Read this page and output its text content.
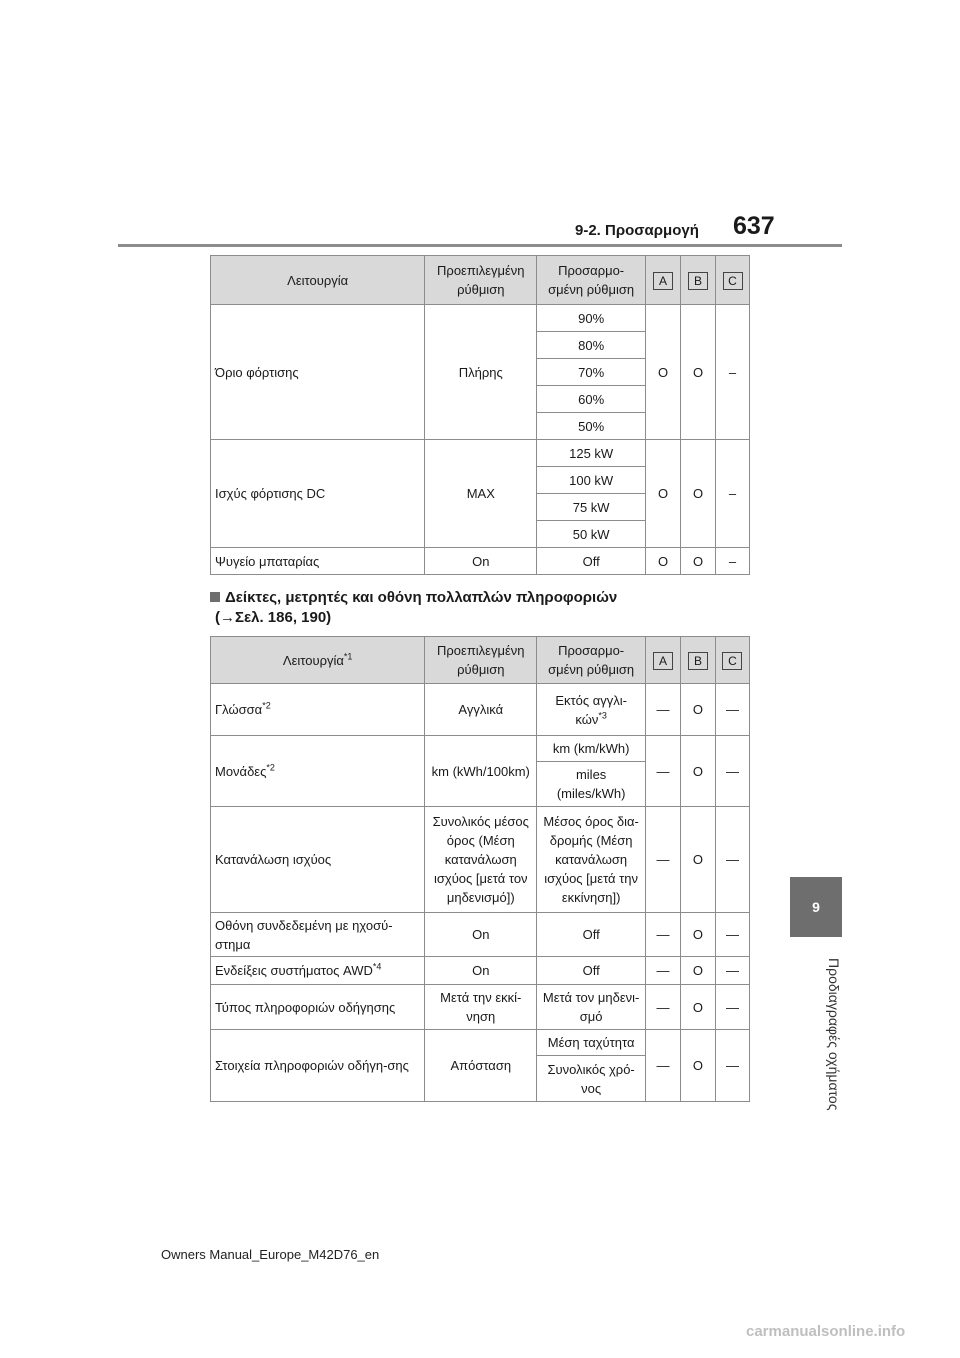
9-2. Προσαρμογή 637
Λειτουργία	Προεπιλεγμένη ρύθμιση	Προσαρμο-σμένη ρύθμιση	A	B	C
Όριο φόρτισης	Πλήρης	90%	O	O	–
		80%			
		70%			
		60%			
		50%			
Ισχύς φόρτισης DC	MAX	125 kW	O	O	–
		100 kW			
		75 kW			
		50 kW			
Ψυγείο μπαταρίας	On	Off	O	O	–
Δείκτες, μετρητές και οθόνη πολλαπλών πληροφοριών
(→Σελ. 186, 190)
Λειτουργία$^{*1}$	Προεπιλεγμένη ρύθμιση	Προσαρμο-σμένη ρύθμιση	A	B	C
Γλώσσα$^{*2}$	Αγγλικά	Εκτός αγγλι-κών$^{*3}$	—	O	—
Μονάδες$^{*2}$	km (kWh/100km)	km (km/kWh)	—	O	—
		miles (miles/kWh)			
Κατανάλωση ισχύος	Συνολικός μέσος όρος (Μέση κατανάλωση ισχύος [μετά τον μηδενισμό])	Μέσος όρος δια-δρομής (Μέση κατανάλωση ισχύος [μετά την εκκίνηση])	—	O	—
Οθόνη συνδεδεμένη με ηχοσύ-στημα	On	Off	—	O	—
Ενδείξεις συστήματος AWD$^{*4}$	On	Off	—	O	—
Τύπος πληροφοριών οδήγησης	Μετά την εκκί-νηση	Μετά τον μηδενι-σμό	—	O	—
Στοιχεία πληροφοριών οδήγη-σης	Απόσταση	Μέση ταχύτητα	—	O	—
		Συνολικός χρό-νος			
9
Προδιαγραφές οχήματος
Owners Manual_Europe_M42D76_en
carmanualsonline.info
